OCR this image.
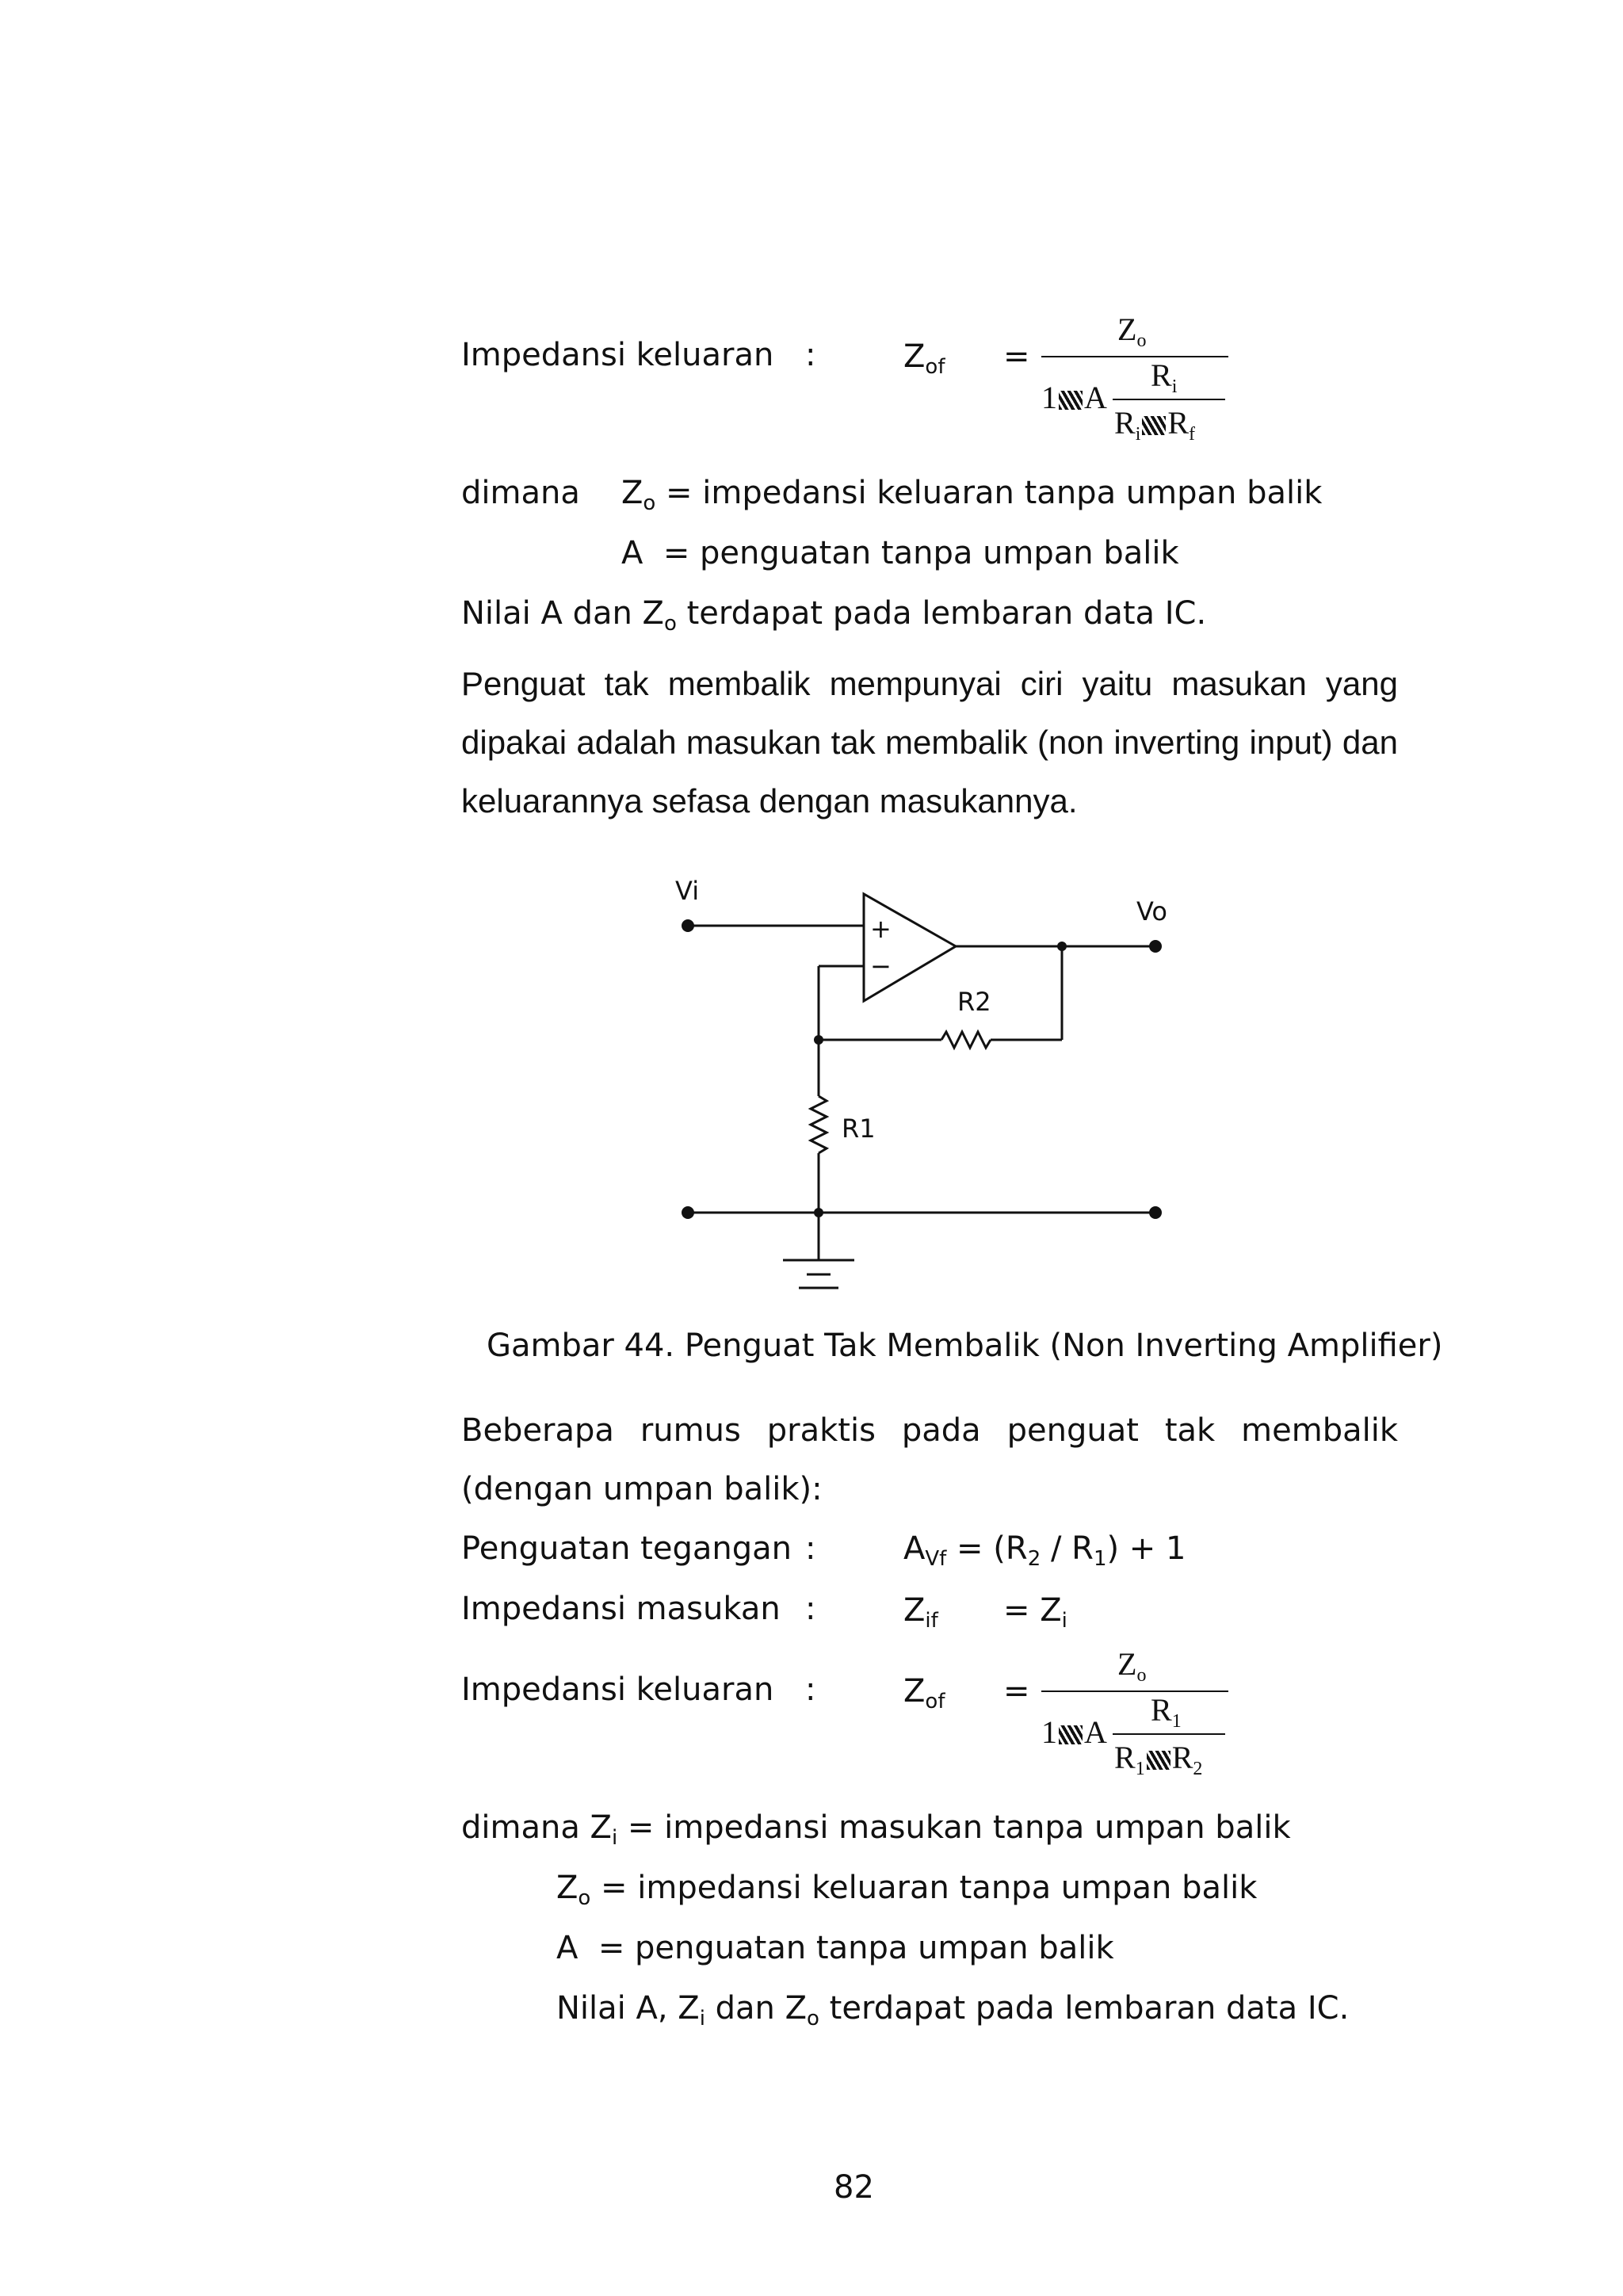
Impedansi keluaran :	$Z_{of}$ =
$Z_o$
1 A
$R_i$
$R_i$ $R_f$
dimana $Z_o$ = impedansi keluaran tanpa umpan balik
A = penguatan tanpa umpan balik
Nilai A dan $Z_o$ terdapat pada lembaran data IC.
Penguat tak membalik mempunyai ciri yaitu masukan yang dipakai adalah masukan tak membalik (non inverting input) dan keluarannya sefasa dengan masukannya.
Vi
Vo
+
−
R1
R2
Gambar 44. Penguat Tak Membalik (Non Inverting Amplifier)
Beberapa rumus praktis pada penguat tak membalik (dengan umpan balik):
Penguatan tegangan :	$A_{Vf} = (R_2 / R_1) + 1$
Impedansi masukan :	$Z_{if} = Z_i$
Impedansi keluaran :	$Z_{of}$ =
$Z_o$
1 A
$R_1$
$R_1$ $R_2$
dimana $Z_i$ = impedansi masukan tanpa umpan balik
$Z_o$ = impedansi keluaran tanpa umpan balik
A = penguatan tanpa umpan balik
Nilai A, $Z_i$ dan $Z_o$ terdapat pada lembaran data IC.
82
